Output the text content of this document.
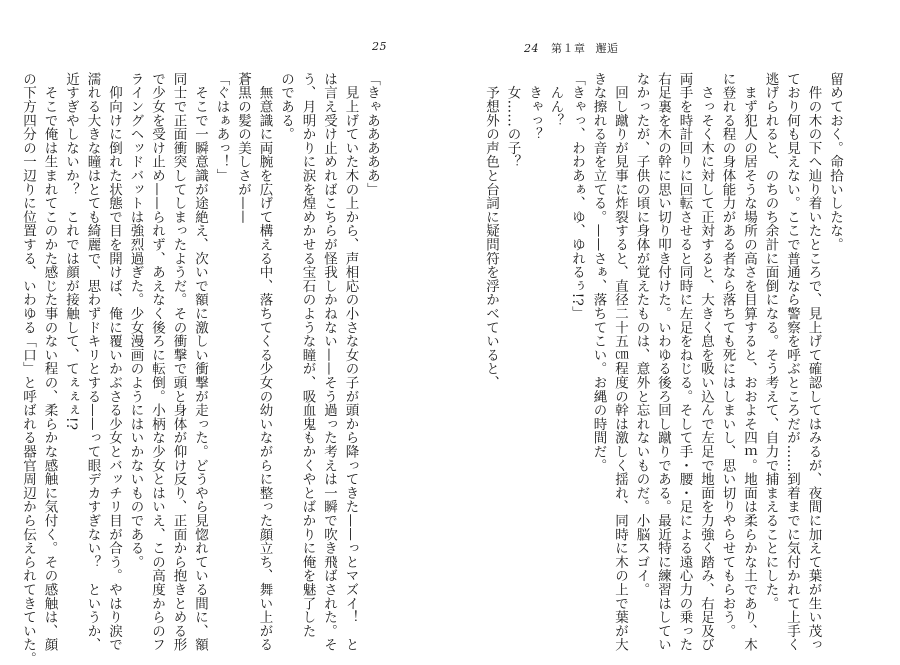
25
「きゃあああああ」
　見上げていた木の上から、声相応の小さな女の子が頭から降ってきた——っとマズイ！　と
は言え受け止めればこちらが怪我しかねない——そう過った考えは一瞬で吹き飛ばされた。そ
う、月明かりに涙を煌めかせる宝石のような瞳が、吸血鬼もかくやとばかりに俺を魅了した
のである。
　無意識に両腕を広げて構える中、落ちてくる少女の幼いながらに整った顔立ち、舞い上がる
蒼黒の髪の美しさが——
「ぐはぁあっ！」
　そこで一瞬意識が途絶え、次いで額に激しい衝撃が走った。どうやら見惚れている間に、額
同士で正面衝突してしまったようだ。その衝撃で頭と身体が仰け反り、正面から抱きとめる形
で少女を受け止め——られず、あえなく後ろに転倒。小柄な少女とはいえ、この高度からのフ
ライングヘッドバットは強烈過ぎた。少女漫画のようにはいかないものである。
　仰向けに倒れた状態で目を開けば、俺に覆いかぶさる少女とバッチリ目が合う。やはり涙で
濡れる大きな瞳はとても綺麗で、思わずドキリとする——って眼デカすぎない？　というか、
近すぎやしないか？　これでは顔が接触して、てぇぇぇ!?
　そこで俺は生まれてこのかた感じた事のない程の、柔らかな感触に気付く。その感触は、顔
の下方四分の一辺りに位置する、いわゆる「口」と呼ばれる器官周辺から伝えられてきていた。
24 第１章 邂逅
留めておく。命拾いしたな。
　件の木の下へ辿り着いたところで、見上げて確認してはみるが、夜間に加えて葉が生い茂っ
ており何も見えない。ここで普通なら警察を呼ぶところだが……到着までに気付かれて上手く
逃げられると、のちのち余計に面倒になる。そう考えて、自力で捕まえることにした。
　まず犯人の居そうな場所の高さを目算すると、おおよそ四ｍ。地面は柔らかな土であり、木
に登れる程の身体能力がある者なら落ちても死にはしまいし、思い切りやらせてもらおう。
　さっそく木に対して正対すると、大きく息を吸い込んで左足で地面を力強く踏み、右足及び
両手を時計回りに回転させると同時に左足をねじる。そして手・腰・足による遠心力の乗った
右足裏を木の幹に思い切り叩き付けた。いわゆる後ろ回し蹴りである。最近特に練習はしてい
なかったが、子供の頃に身体が覚えたものは、意外と忘れないものだ。小脳スゴイ。
　回し蹴りが見事に炸裂すると、直径二十五㎝程度の幹は激しく揺れ、同時に木の上で葉が大
きな擦れる音を立てる。——さぁ、落ちてこい。お縄の時間だ。
「きゃっ、わわあぁ、ゆ、ゆれるぅ!?」
　んん？
　きゃっ？
　女……の子？
　予想外の声色と台詞に疑問符を浮かべていると、
